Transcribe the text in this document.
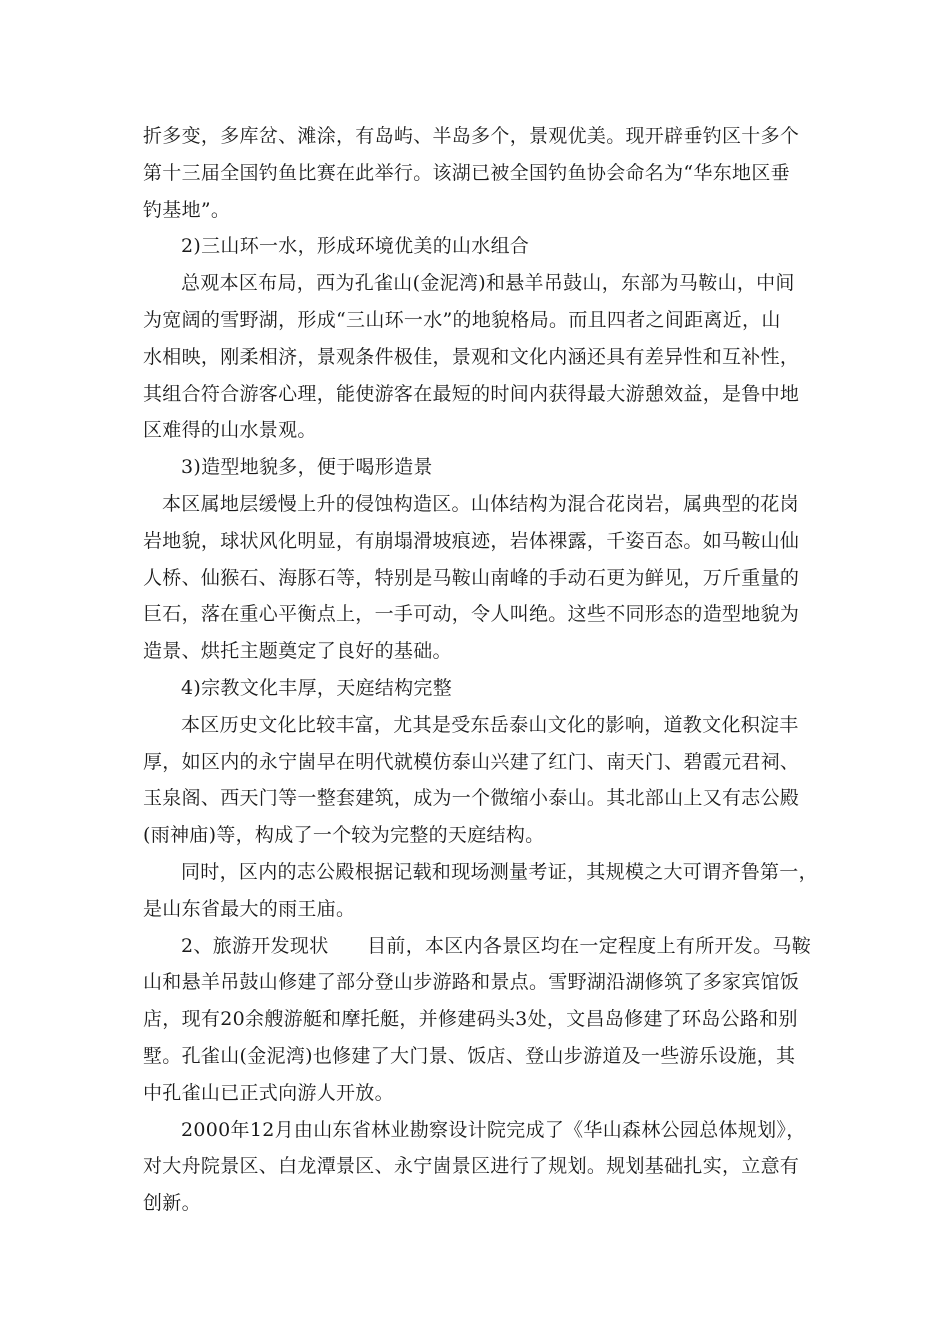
折多变，多库岔、滩涂，有岛屿、半岛多个，景观优美。现开辟垂钓区十多个
第十三届全国钓鱼比赛在此举行。该湖已被全国钓鱼协会命名为“华东地区垂
钓基地”。
2)三山环一水，形成环境优美的山水组合
总观本区布局，西为孔雀山(金泥湾)和悬羊吊鼓山，东部为马鞍山，中间
为宽阔的雪野湖，形成“三山环一水”的地貌格局。而且四者之间距离近，山
水相映，刚柔相济，景观条件极佳，景观和文化内涵还具有差异性和互补性，
其组合符合游客心理，能使游客在最短的时间内获得最大游憩效益，是鲁中地
区难得的山水景观。
3)造型地貌多，便于喝形造景
本区属地层缓慢上升的侵蚀构造区。山体结构为混合花岗岩，属典型的花岗
岩地貌，球状风化明显，有崩塌滑坡痕迹，岩体裸露，千姿百态。如马鞍山仙
人桥、仙猴石、海豚石等，特别是马鞍山南峰的手动石更为鲜见，万斤重量的
巨石，落在重心平衡点上，一手可动，令人叫绝。这些不同形态的造型地貌为
造景、烘托主题奠定了良好的基础。
4)宗教文化丰厚，天庭结构完整
本区历史文化比较丰富，尤其是受东岳泰山文化的影响，道教文化积淀丰
厚，如区内的永宁崮早在明代就模仿泰山兴建了红门、南天门、碧霞元君祠、
玉泉阁、西天门等一整套建筑，成为一个微缩小泰山。其北部山上又有志公殿
(雨神庙)等，构成了一个较为完整的天庭结构。
同时，区内的志公殿根据记载和现场测量考证，其规模之大可谓齐鲁第一，
是山东省最大的雨王庙。
2、旅游开发现状　　目前，本区内各景区均在一定程度上有所开发。马鞍
山和悬羊吊鼓山修建了部分登山步游路和景点。雪野湖沿湖修筑了多家宾馆饭
店，现有20余艘游艇和摩托艇，并修建码头3处，文昌岛修建了环岛公路和别
墅。孔雀山(金泥湾)也修建了大门景、饭店、登山步游道及一些游乐设施，其
中孔雀山已正式向游人开放。
2000年12月由山东省林业勘察设计院完成了《华山森林公园总体规划》，
对大舟院景区、白龙潭景区、永宁崮景区进行了规划。规划基础扎实，立意有
创新。
